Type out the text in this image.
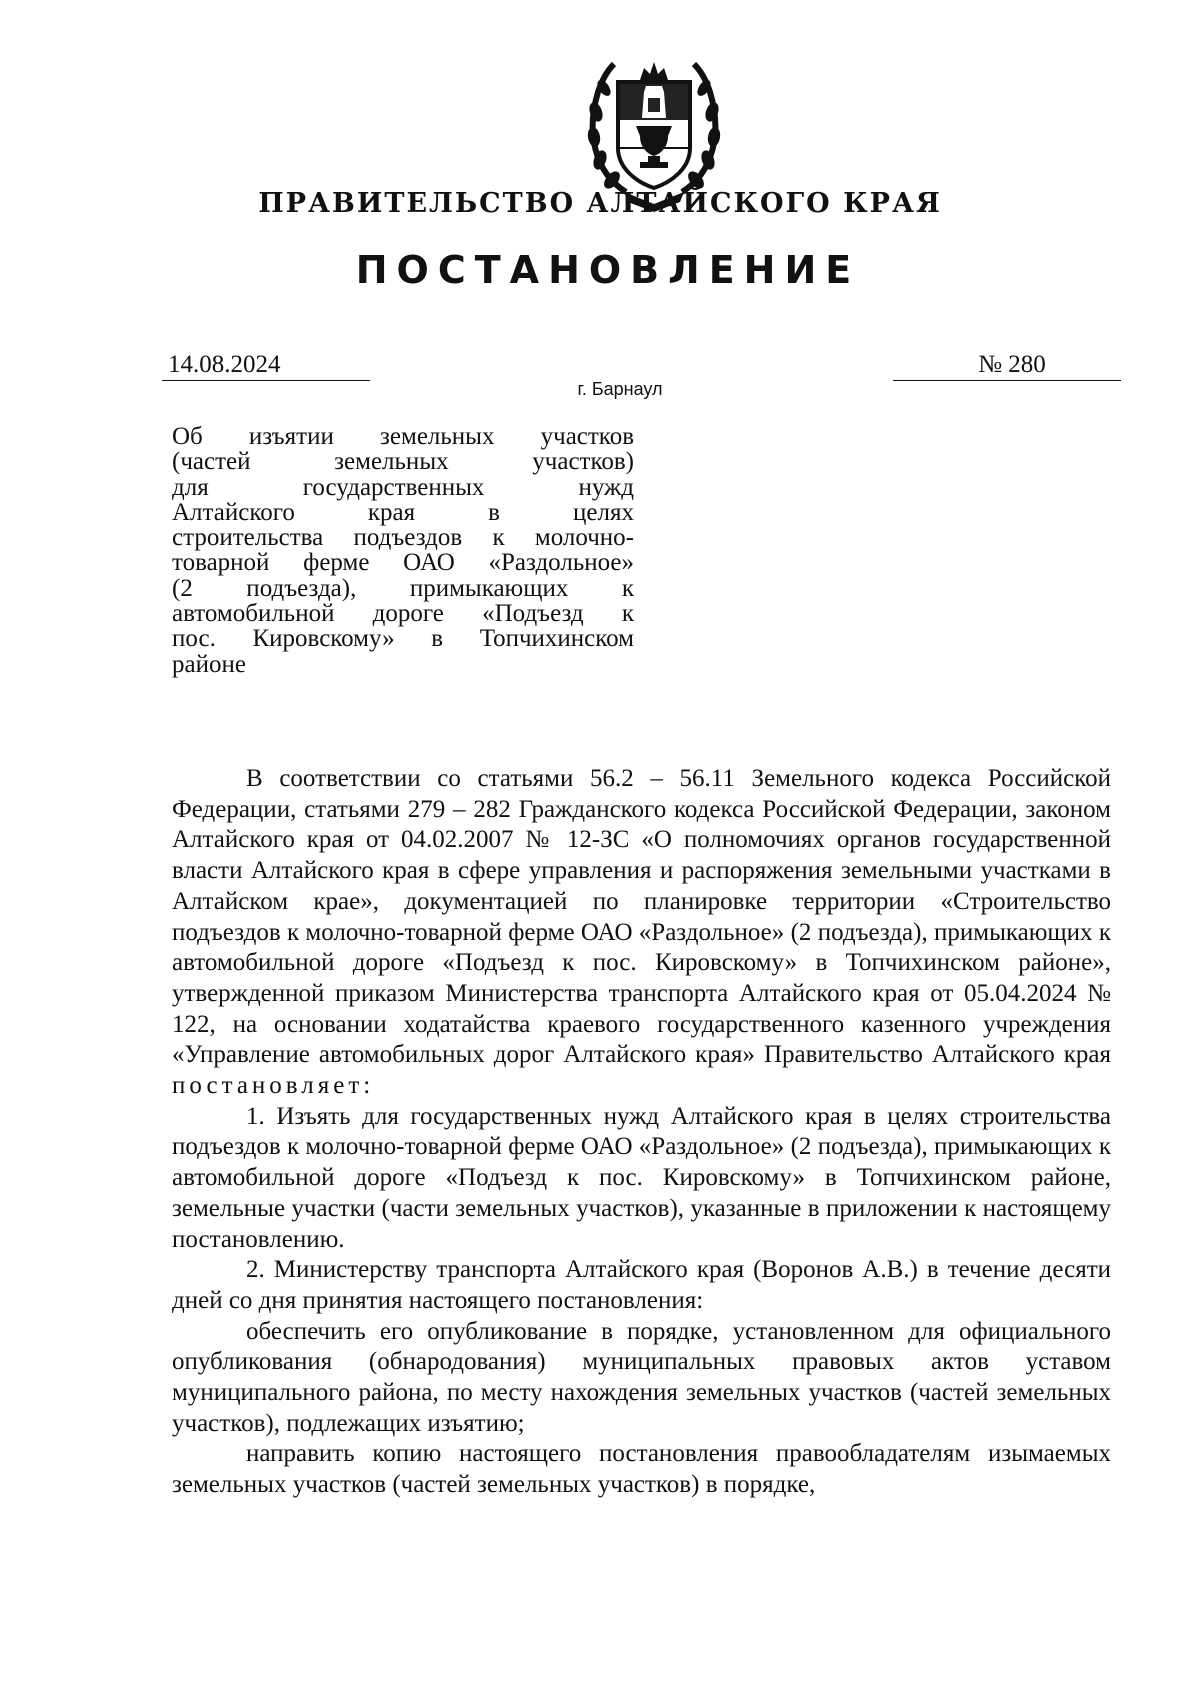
ПРАВИТЕЛЬСТВО АЛТАЙСКОГО КРАЯ
ПОСТАНОВЛЕНИЕ
14.08.2024	№ 280
г. Барнаул
Об изъятии земельных участков
(частей земельных участков)
для государственных нужд
Алтайского края в целях
строительства подъездов к молочно-
товарной ферме ОАО «Раздольное»
(2 подъезда), примыкающих к
автомобильной дороге «Подъезд к
пос. Кировскому» в Топчихинском
районе

В соответствии со статьями 56.2 – 56.11 Земельного кодекса Российской Федерации, статьями 279 – 282 Гражданского кодекса Российской Федерации, законом Алтайского края от 04.02.2007 № 12-ЗС «О полномочиях органов государственной власти Алтайского края в сфере управления и распоряжения земельными участками в Алтайском крае», документацией по планировке территории «Строительство подъездов к молочно-товарной ферме ОАО «Раздольное» (2 подъезда), примыкающих к автомобильной дороге «Подъезд к пос. Кировскому» в Топчихинском районе», утвержденной приказом Министерства транспорта Алтайского края от 05.04.2024 № 122, на основании ходатайства краевого государственного казенного учреждения «Управление автомобильных дорог Алтайского края» Правительство Алтайского края постановляет:

1. Изъять для государственных нужд Алтайского края в целях строительства подъездов к молочно-товарной ферме ОАО «Раздольное» (2 подъезда), примыкающих к автомобильной дороге «Подъезд к пос. Кировскому» в Топчихинском районе, земельные участки (части земельных участков), указанные в приложении к настоящему постановлению.

2. Министерству транспорта Алтайского края (Воронов А.В.) в течение десяти дней со дня принятия настоящего постановления:

обеспечить его опубликование в порядке, установленном для официального опубликования (обнародования) муниципальных правовых актов уставом муниципального района, по месту нахождения земельных участков (частей земельных участков), подлежащих изъятию;

направить копию настоящего постановления правообладателям изымаемых земельных участков (частей земельных участков) в порядке,
